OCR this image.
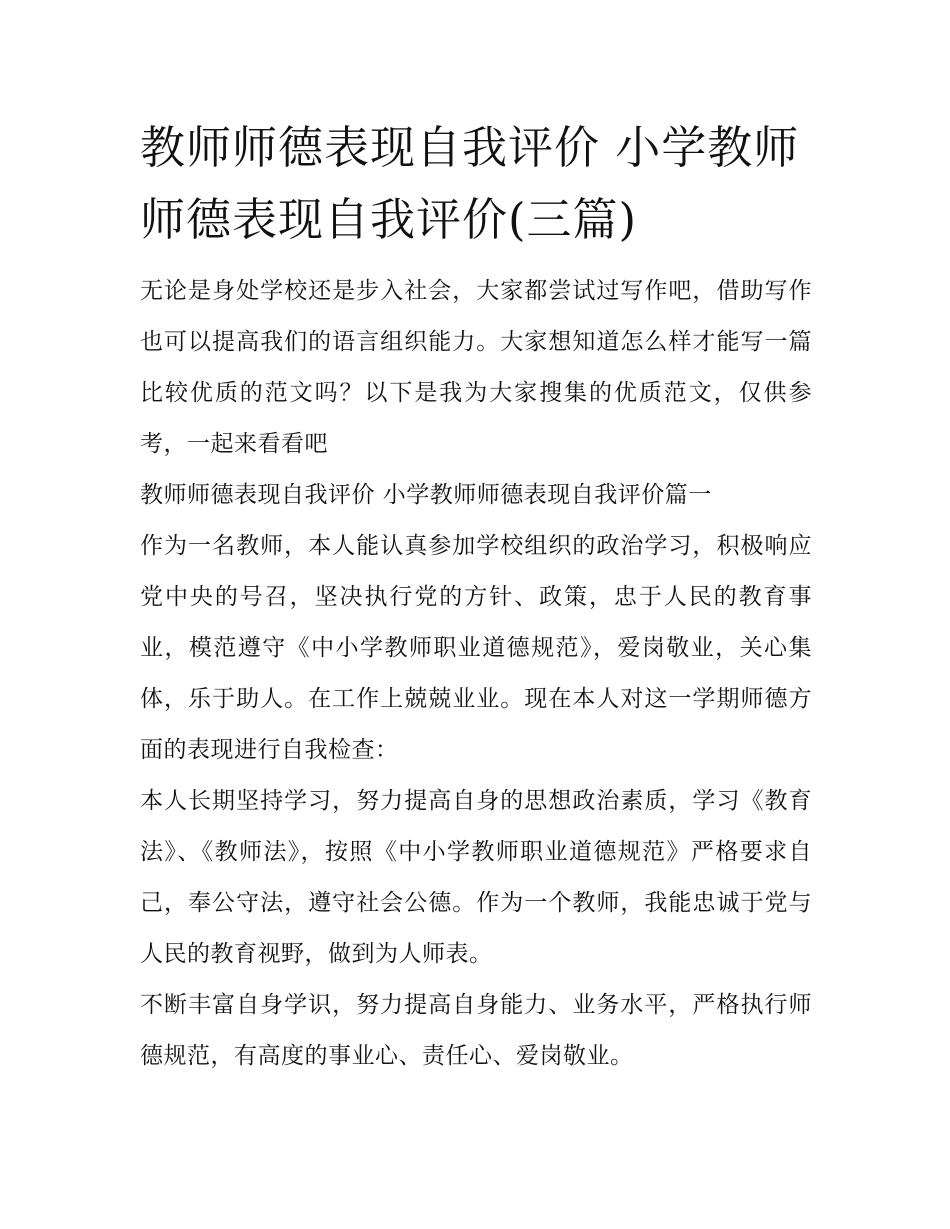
教师师德表现自我评价 小学教师师德表现自我评价(三篇)

无论是身处学校还是步入社会，大家都尝试过写作吧，借助写作也可以提高我们的语言组织能力。大家想知道怎么样才能写一篇比较优质的范文吗？以下是我为大家搜集的优质范文，仅供参考，一起来看看吧

教师师德表现自我评价 小学教师师德表现自我评价篇一

作为一名教师，本人能认真参加学校组织的政治学习，积极响应党中央的号召，坚决执行党的方针、政策，忠于人民的教育事业，模范遵守《中小学教师职业道德规范》，爱岗敬业，关心集体，乐于助人。在工作上兢兢业业。现在本人对这一学期师德方面的表现进行自我检查：

本人长期坚持学习，努力提高自身的思想政治素质，学习《教育法》、《教师法》，按照《中小学教师职业道德规范》严格要求自己，奉公守法，遵守社会公德。作为一个教师，我能忠诚于党与人民的教育视野，做到为人师表。

不断丰富自身学识，努力提高自身能力、业务水平，严格执行师德规范，有高度的事业心、责任心、爱岗敬业。
